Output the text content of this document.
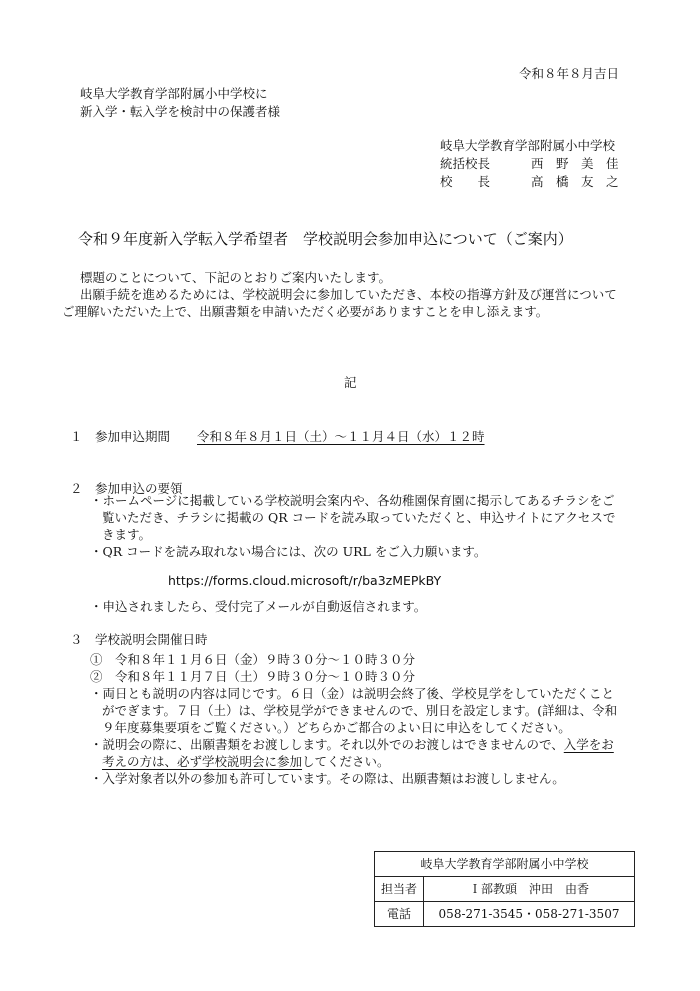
令和８年８月吉日
岐阜大学教育学部附属小中学校に
新入学・転入学を検討中の保護者様
岐阜大学教育学部附属小中学校
統括校長	西　野　美　佳
校　　長	高　橋　友　之
令和９年度新入学転入学希望者　学校説明会参加申込について（ご案内）
標題のことについて、下記のとおりご案内いたします。
出願手続を進めるためには、学校説明会に参加していただき、本校の指導方針及び運営について
ご理解いただいた上で、出願書類を申請いただく必要がありますことを申し添えます。
記
１　参加申込期間 令和８年８月１日（土）～１１月４日（水）１２時
２　参加申込の要領
・ホームページに掲載している学校説明会案内や、各幼稚園保育園に掲示してあるチラシをご
覧いただき、チラシに掲載の QR コードを読み取っていただくと、申込サイトにアクセスで
きます。
・QR コードを読み取れない場合には、次の URL をご入力願います。
https://forms.cloud.microsoft/r/ba3zMEPkBY
・申込されましたら、受付完了メールが自動返信されます。
３　学校説明会開催日時
①　令和８年１１月６日（金）９時３０分～１０時３０分
②　令和８年１１月７日（土）９時３０分～１０時３０分
・両日とも説明の内容は同じです。６日（金）は説明会終了後、学校見学をしていただくこと
がでぎます。７日（土）は、学校見学ができませんので、別日を設定します。(詳細は、令和
９年度募集要項をご覧ください。）どちらかご都合のよい日に申込をしてください。
・説明会の際に、出願書類をお渡しします。それ以外でのお渡しはできませんので、入学をお
考えの方は、必ず学校説明会に参加してください。
・入学対象者以外の参加も許可しています。その際は、出願書類はお渡ししません。
岐阜大学教育学部附属小中学校	
担当者	Ｉ部教頭　沖田　由香
電話	058-271-3545・058-271-3507
